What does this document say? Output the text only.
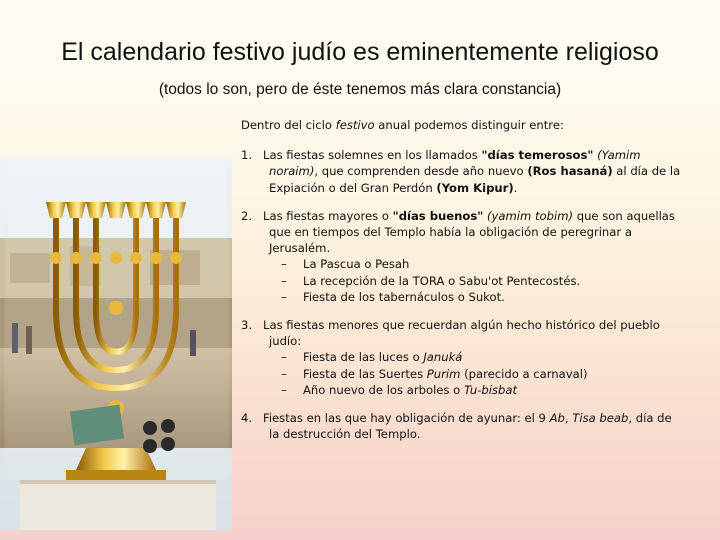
El calendario festivo judío es eminentemente religioso
(todos lo son, pero de éste tenemos más clara constancia)

Dentro del ciclo festivo anual podemos distinguir entre:

1. Las fiestas solemnes en los llamados "días temerosos" (Yamim noraim), que comprenden desde año nuevo (Ros hasaná) al día de la Expiación o del Gran Perdón (Yom Kipur).

2. Las fiestas mayores o "días buenos" (yamim tobim) que son aquellas que en tiempos del Templo había la obligación de peregrinar a Jerusalém.
– La Pascua o Pesah
– La recepción de la TORA o Sabu'ot Pentecostés.
– Fiesta de los tabernáculos o Sukot.

3. Las fiestas menores que recuerdan algún hecho histórico del pueblo judío:
– Fiesta de las luces o Januká
– Fiesta de las Suertes Purim (parecido a carnaval)
– Año nuevo de los arboles o Tu-bisbat

4. Fiestas en las que hay obligación de ayunar: el 9 Ab, Tisa beab, día de la destrucción del Templo.
